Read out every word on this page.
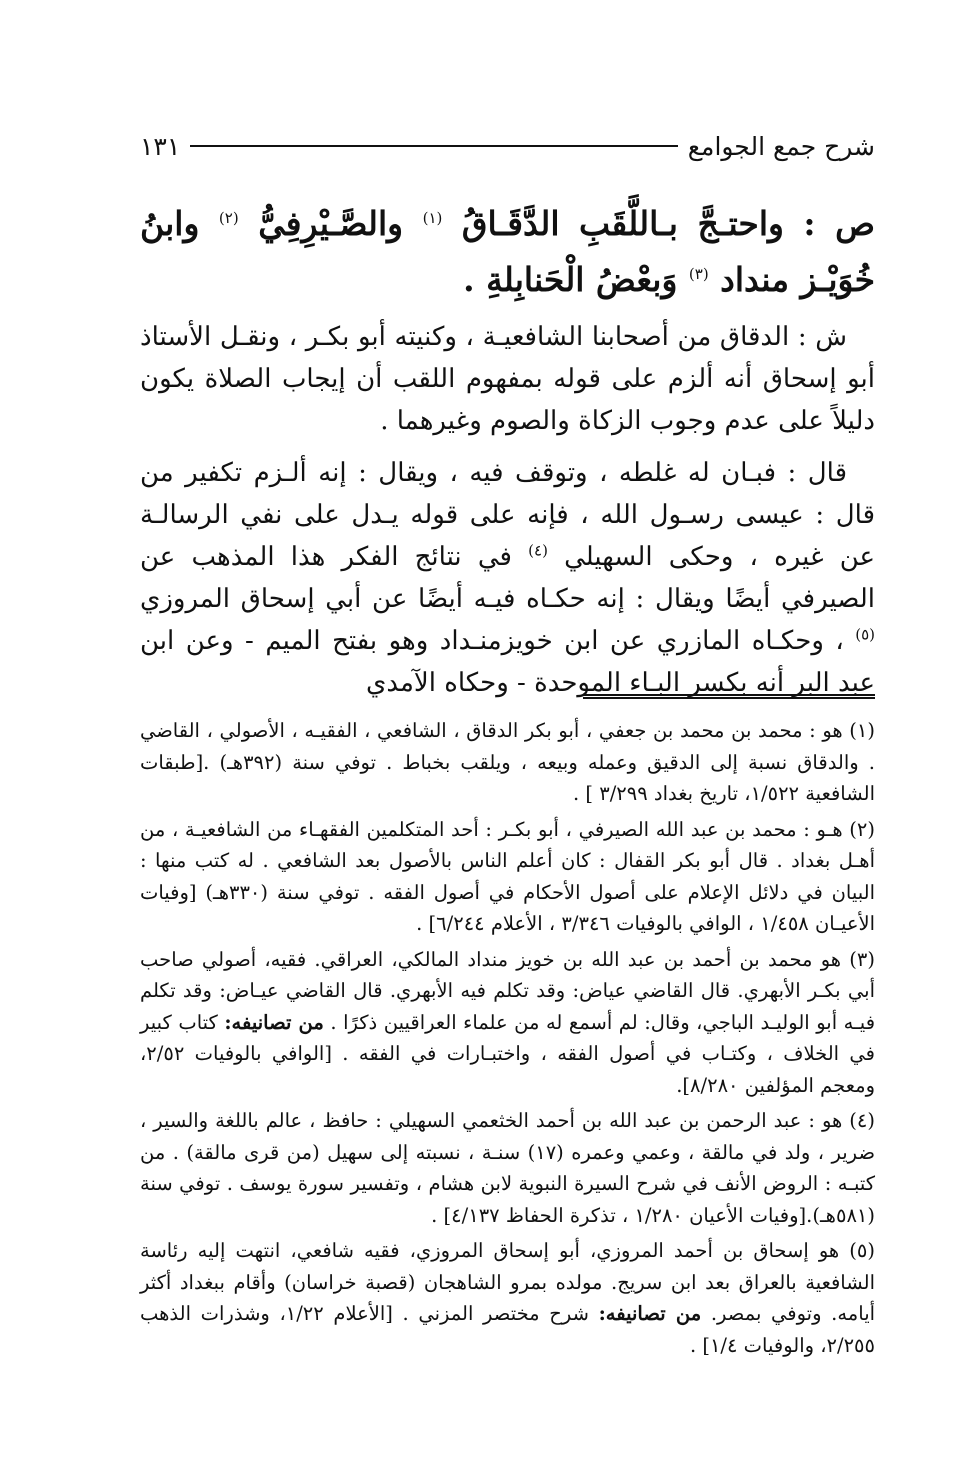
شرح جمع الجوامع
١٣١
ص : واحتـجَّ بـاللَّقَبِ الدَّقَـاقُ $^{(١)}$ والصَّـيْرِفِيُّ $^{(٢)}$ وابنُ خُوَيْـز منداد $^{(٣)}$ وَبعْضُ الْحَنابِلةِ .

ش : الدقاق من أصحابنا الشافعيـة ، وكنيته أبو بكـر ، ونقـل الأستاذ أبو إسحاق أنه ألزم على قوله بمفهوم اللقب أن إيجاب الصلاة يكون دليلاً على عدم وجوب الزكاة والصوم وغيرهما .

قال : فبـان له غلطه ، وتوقف فيه ، ويقال : إنه ألـزم تكفير من قال : عيسى رسـول الله ، فإنه على قوله يـدل على نفي الرسالـة عن غيره ، وحكى السهيلي $^{(٤)}$ في نتائج الفكر هذا المذهب عن الصيرفي أيضًا ويقال : إنه حكـاه فيـه أيضًا عن أبي إسحاق المروزي $^{(٥)}$ ، وحكـاه المازري عن ابن خويزمنـداد وهو بفتح الميم - وعن ابن عبد البر أنه بكسر البـاء الموحدة - وحكاه الآمدي

(١) هو : محمد بن محمد بن جعفي ، أبو بكر الدقاق ، الشافعي ، الفقيـه ، الأصولي ، القاضي . والدقاق نسبة إلى الدقيق وعمله وبيعه ، ويلقب بخباط . توفي سنة (٣٩٢هـ) .[طبقات الشافعية ١/٥٢٢، تاريخ بغداد ٣/٢٩٩ ] .

(٢) هـو : محمد بن عبد الله الصيرفي ، أبو بكـر : أحد المتكلمين الفقهـاء من الشافعيـة ، من أهـل بغداد . قال أبو بكر القفال : كان أعلم الناس بالأصول بعد الشافعي . له كتب منها : البيان في دلائل الإعلام على أصول الأحكام في أصول الفقه . توفي سنة (٣٣٠هـ) [وفيات الأعيـان ١/٤٥٨ ، الوافي بالوفيات ٣/٣٤٦ ، الأعلام ٦/٢٤٤] .

(٣) هو محمد بن أحمد بن عبد الله بن خويز منداد المالكي، العراقي. فقيه، أصولي صاحب أبي بكـر الأبهري. قال القاضي عياض: وقد تكلم فيه الأبهري. قال القاضي عيـاض: وقد تكلم فيـه أبو الوليـد الباجي، وقال: لم أسمع له من علماء العراقيين ذكرًا . من تصانيفه: كتاب كبير في الخلاف ، وكتـاب في أصول الفقه ، واختبـارات في الفقه . [الوافي بالوفيات ٢/٥٢، ومعجم المؤلفين ٨/٢٨٠].

(٤) هو : عبد الرحمن بن عبد الله بن أحمد الخثعمي السهيلي : حافظ ، عالم باللغة والسير ، ضرير ، ولد في مالقة ، وعمي وعمره (١٧) سنـة ، نسبته إلى سهيل (من قرى مالقة) . من كتبـه : الروض الأنف في شرح السيرة النبوية لابن هشام ، وتفسير سورة يوسف . توفي سنة (٥٨١هـ).[وفيات الأعيان ١/٢٨٠ ، تذكرة الحفاظ ٤/١٣٧] .

(٥) هو إسحاق بن أحمد المروزي، أبو إسحاق المروزي، فقيه شافعي، انتهت إليه رئاسة الشافعية بالعراق بعد ابن سريج. مولده بمرو الشاهجان (قصبة خراسان) وأقام ببغداد أكثر أيامه. وتوفي بمصر. من تصانيفه: شرح مختصر المزني . [الأعلام ١/٢٢، وشذرات الذهب ٢/٢٥٥، والوفيات ١/٤] .
